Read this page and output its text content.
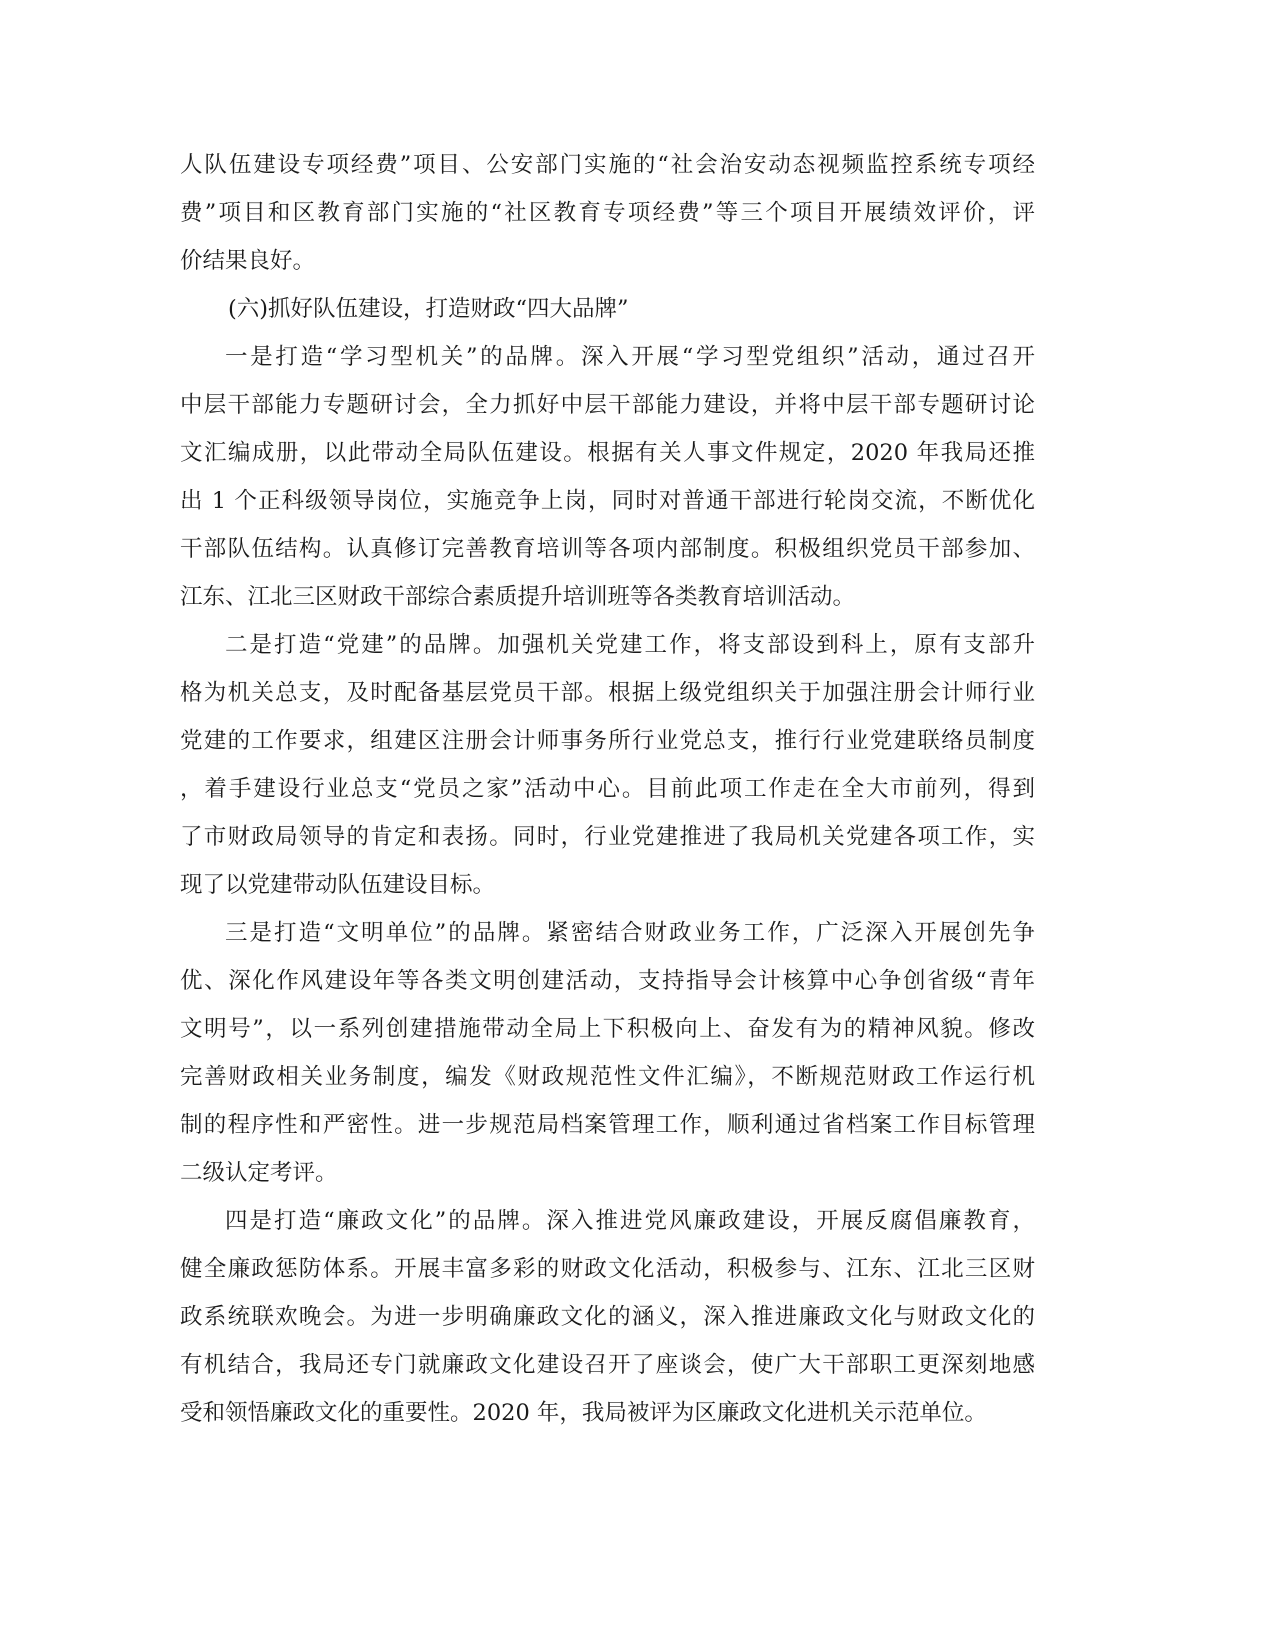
人队伍建设专项经费”项目、公安部门实施的“社会治安动态视频监控系统专项经
费”项目和区教育部门实施的“社区教育专项经费”等三个项目开展绩效评价，评
价结果良好。
(六)抓好队伍建设，打造财政“四大品牌”
一是打造“学习型机关”的品牌。深入开展“学习型党组织”活动，通过召开
中层干部能力专题研讨会，全力抓好中层干部能力建设，并将中层干部专题研讨论
文汇编成册，以此带动全局队伍建设。根据有关人事文件规定，2020 年我局还推
出 1 个正科级领导岗位，实施竞争上岗，同时对普通干部进行轮岗交流，不断优化
干部队伍结构。认真修订完善教育培训等各项内部制度。积极组织党员干部参加、
江东、江北三区财政干部综合素质提升培训班等各类教育培训活动。
二是打造“党建”的品牌。加强机关党建工作，将支部设到科上，原有支部升
格为机关总支，及时配备基层党员干部。根据上级党组织关于加强注册会计师行业
党建的工作要求，组建区注册会计师事务所行业党总支，推行行业党建联络员制度
，着手建设行业总支“党员之家”活动中心。目前此项工作走在全大市前列，得到
了市财政局领导的肯定和表扬。同时，行业党建推进了我局机关党建各项工作，实
现了以党建带动队伍建设目标。
三是打造“文明单位”的品牌。紧密结合财政业务工作，广泛深入开展创先争
优、深化作风建设年等各类文明创建活动，支持指导会计核算中心争创省级“青年
文明号”，以一系列创建措施带动全局上下积极向上、奋发有为的精神风貌。修改
完善财政相关业务制度，编发《财政规范性文件汇编》，不断规范财政工作运行机
制的程序性和严密性。进一步规范局档案管理工作，顺利通过省档案工作目标管理
二级认定考评。
四是打造“廉政文化”的品牌。深入推进党风廉政建设，开展反腐倡廉教育，
健全廉政惩防体系。开展丰富多彩的财政文化活动，积极参与、江东、江北三区财
政系统联欢晚会。为进一步明确廉政文化的涵义，深入推进廉政文化与财政文化的
有机结合，我局还专门就廉政文化建设召开了座谈会，使广大干部职工更深刻地感
受和领悟廉政文化的重要性。2020 年，我局被评为区廉政文化进机关示范单位。
